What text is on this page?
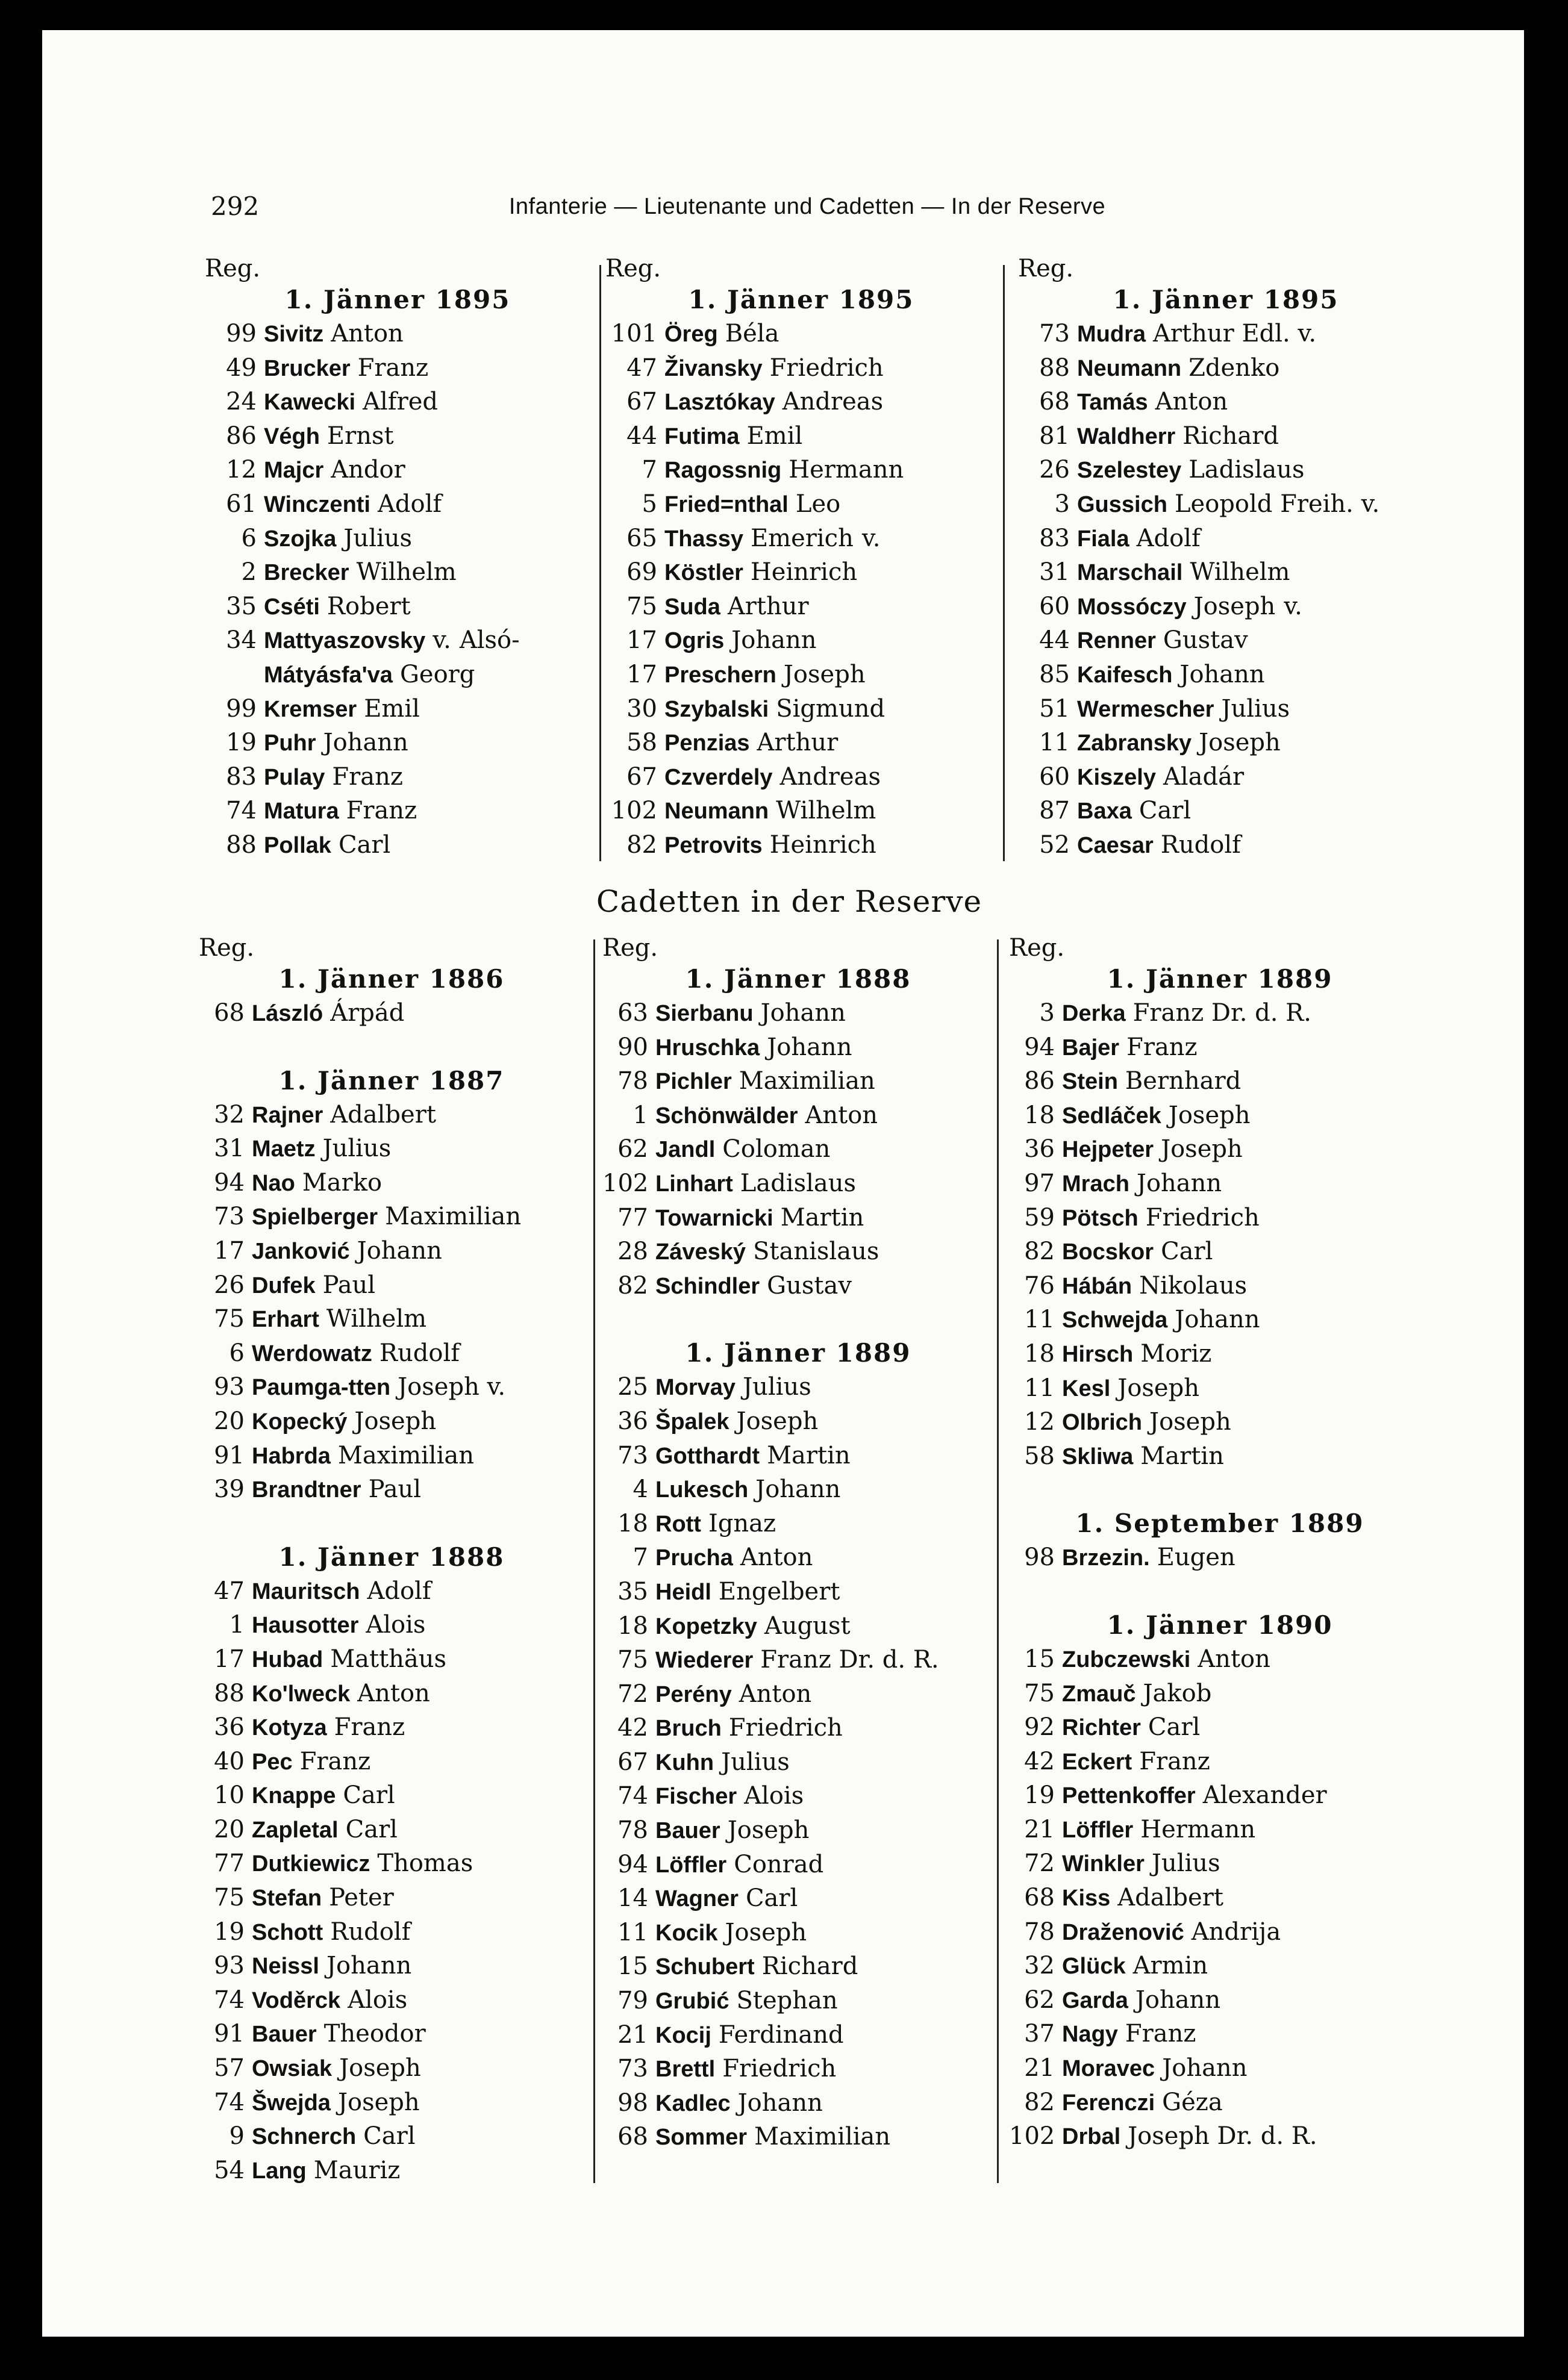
292	Infanterie — Lieutenante und Cadetten — In der Reserve
Reg.
1. Jänner 1895
99 Sivitz Anton
49 Brucker Franz
24 Kawecki Alfred
86 Végh Ernst
12 Majcr Andor
61 Winczenti Adolf
6 Szojka Julius
2 Brecker Wilhelm
35 Cséti Robert
34 Mattyaszovsky v. Alsó-
Mátyásfa'va Georg
99 Kremser Emil
19 Puhr Johann
83 Pulay Franz
74 Matura Franz
88 Pollak Carl
Reg.
1. Jänner 1895
101 Öreg Béla
47 Živansky Friedrich
67 Lasztókay Andreas
44 Futima Emil
7 Ragossnig Hermann
5 Fried=nthal Leo
65 Thassy Emerich v.
69 Köstler Heinrich
75 Suda Arthur
17 Ogris Johann
17 Preschern Joseph
30 Szybalski Sigmund
58 Penzias Arthur
67 Czverdely Andreas
102 Neumann Wilhelm
82 Petrovits Heinrich
Reg.
1. Jänner 1895
73 Mudra Arthur Edl. v.
88 Neumann Zdenko
68 Tamás Anton
81 Waldherr Richard
26 Szelestey Ladislaus
3 Gussich Leopold Freih. v.
83 Fiala Adolf
31 Marschail Wilhelm
60 Mossóczy Joseph v.
44 Renner Gustav
85 Kaifesch Johann
51 Wermescher Julius
11 Zabransky Joseph
60 Kiszely Aladár
87 Baxa Carl
52 Caesar Rudolf
Cadetten in der Reserve
Reg.
1. Jänner 1886
68 László Árpád
1. Jänner 1887
32 Rajner Adalbert
31 Maetz Julius
94 Nao Marko
73 Spielberger Maximilian
17 Janković Johann
26 Dufek Paul
75 Erhart Wilhelm
6 Werdowatz Rudolf
93 Paumga-tten Joseph v.
20 Kopecký Joseph
91 Habrda Maximilian
39 Brandtner Paul
1. Jänner 1888
47 Mauritsch Adolf
1 Hausotter Alois
17 Hubad Matthäus
88 Ko'lweck Anton
36 Kotyza Franz
40 Pec Franz
10 Knappe Carl
20 Zapletal Carl
77 Dutkiewicz Thomas
75 Stefan Peter
19 Schott Rudolf
93 Neissl Johann
74 Voděrck Alois
91 Bauer Theodor
57 Owsiak Joseph
74 Šwejda Joseph
9 Schnerch Carl
54 Lang Mauriz
Reg.
1. Jänner 1888
63 Sierbanu Johann
90 Hruschka Johann
78 Pichler Maximilian
1 Schönwälder Anton
62 Jandl Coloman
102 Linhart Ladislaus
77 Towarnicki Martin
28 Záveský Stanislaus
82 Schindler Gustav
1. Jänner 1889
25 Morvay Julius
36 Špalek Joseph
73 Gotthardt Martin
4 Lukesch Johann
18 Rott Ignaz
7 Prucha Anton
35 Heidl Engelbert
18 Kopetzky August
75 Wiederer Franz Dr. d. R.
72 Perény Anton
42 Bruch Friedrich
67 Kuhn Julius
74 Fischer Alois
78 Bauer Joseph
94 Löffler Conrad
14 Wagner Carl
11 Kocik Joseph
15 Schubert Richard
79 Grubić Stephan
21 Kocij Ferdinand
73 Brettl Friedrich
98 Kadlec Johann
68 Sommer Maximilian
Reg.
1. Jänner 1889
3 Derka Franz Dr. d. R.
94 Bajer Franz
86 Stein Bernhard
18 Sedláček Joseph
36 Hejpeter Joseph
97 Mrach Johann
59 Pötsch Friedrich
82 Bocskor Carl
76 Hábán Nikolaus
11 Schwejda Johann
18 Hirsch Moriz
11 Kesl Joseph
12 Olbrich Joseph
58 Skliwa Martin
1. September 1889
98 Brzezin. Eugen
1. Jänner 1890
15 Zubczewski Anton
75 Zmauč Jakob
92 Richter Carl
42 Eckert Franz
19 Pettenkoffer Alexander
21 Löffler Hermann
72 Winkler Julius
68 Kiss Adalbert
78 Draženović Andrija
32 Glück Armin
62 Garda Johann
37 Nagy Franz
21 Moravec Johann
82 Ferenczi Géza
102 Drbal Joseph Dr. d. R.
